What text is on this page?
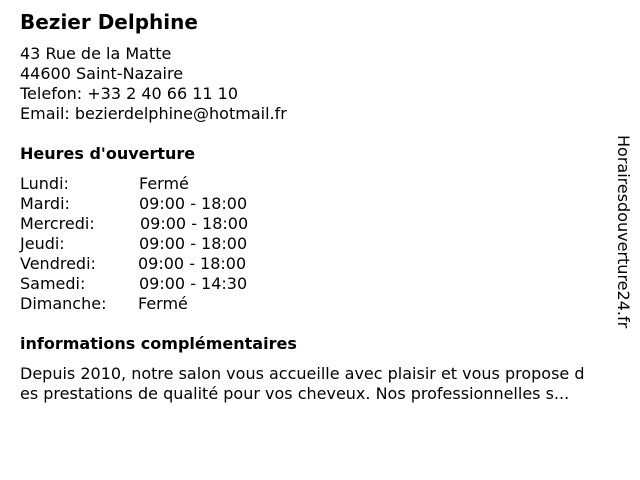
Bezier Delphine
43 Rue de la Matte
44600 Saint-Nazaire
Telefon: +33 2 40 66 11 10
Email: bezierdelphine@hotmail.fr
Heures d'ouverture
Lundi:	Fermé
Mardi:	09:00 - 18:00
Mercredi:	09:00 - 18:00
Jeudi:	09:00 - 18:00
Vendredi:	09:00 - 18:00
Samedi:	09:00 - 14:30
Dimanche: Fermé
informations complémentaires
Depuis 2010, notre salon vous accueille avec plaisir et vous propose d
es prestations de qualité pour vos cheveux. Nos professionnelles s...
Horairesdouverture24.fr
